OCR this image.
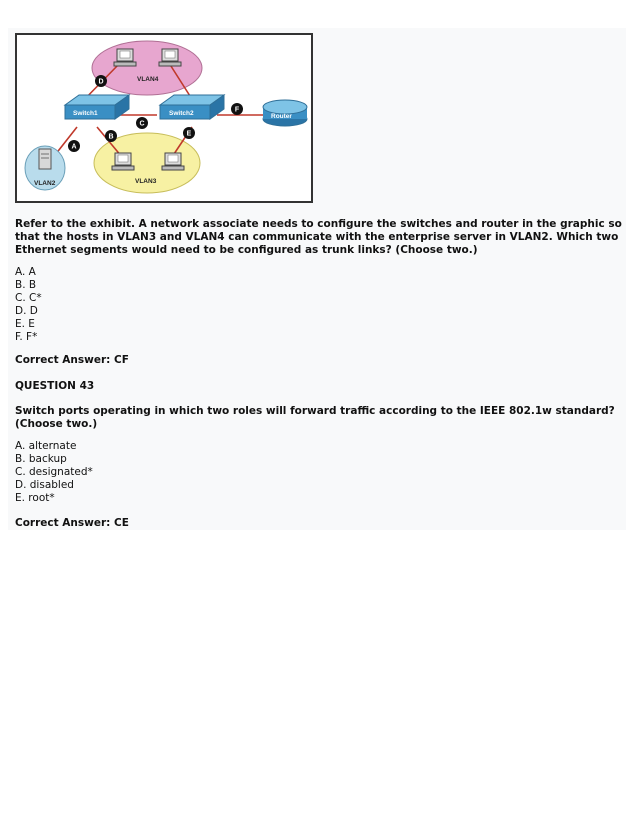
VLAN4
VLAN3
Switch1	Switch2	Router
VLAN2
D
C
F
A
B	E
Refer to the exhibit. A network associate needs to configure the switches and router in the graphic so that the hosts in VLAN3 and VLAN4 can communicate with the enterprise server in VLAN2. Which two Ethernet segments would need to be configured as trunk links? (Choose two.)
A. A
B. B
C. C*
D. D
E. E
F. F*
Correct Answer: CF
QUESTION 43
Switch ports operating in which two roles will forward traffic according to the IEEE 802.1w standard? (Choose two.)
A. alternate
B. backup
C. designated*
D. disabled
E. root*
Correct Answer: CE
